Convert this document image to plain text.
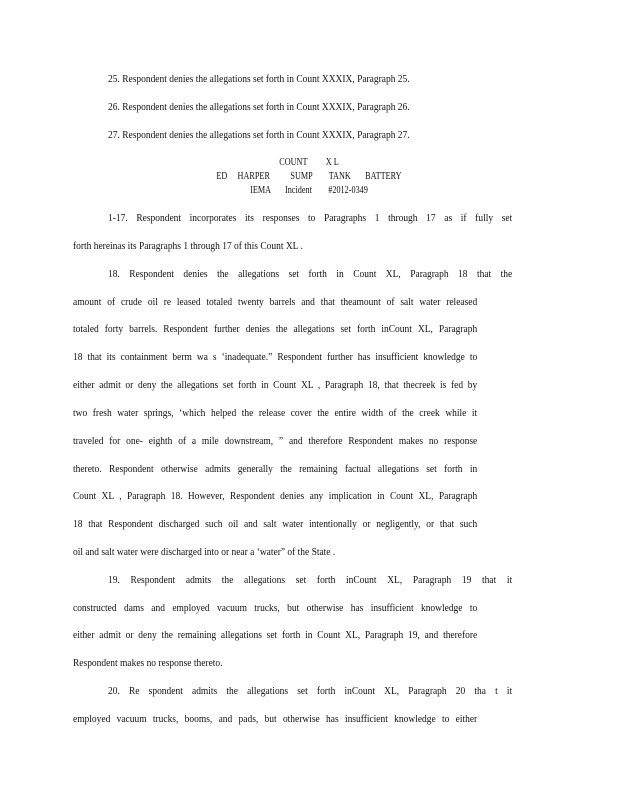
25. Respondent denies the allegations set forth in Count XXXIX, Paragraph 25.
26. Respondent denies the allegations set forth in Count XXXIX, Paragraph 26.
27. Respondent denies the allegations set forth in Count XXXIX, Paragraph 27.
COUNT         X L
ED     HARPER          SUMP        TANK       BATTERY
IEMA       Incident        #2012-0349
1-17. Respondent incorporates its responses to Paragraphs 1 through 17 as if fully set
forth hereinas its Paragraphs 1 through 17 of this Count XL .
18. Respondent denies the allegations set forth in Count XL, Paragraph 18 that the
amount of crude oil re leased totaled twenty barrels and that theamount of salt water released
totaled forty barrels. Respondent further denies the allegations set forth inCount XL, Paragraph
18 that its containment berm wa s ‘inadequate.” Respondent further has insufficient knowledge to
either admit or deny the allegations set forth in Count XL , Paragraph 18, that thecreek is fed by
two fresh water springs, ‘which helped the release cover the entire width of the creek while it
traveled for one- eighth of a mile downstream, ” and therefore Respondent makes no response
thereto. Respondent otherwise admits generally the remaining factual allegations set forth in
Count XL , Paragraph 18. However, Respondent denies any implication in Count XL, Paragraph
18 that Respondent discharged such oil and salt water intentionally or negligently, or that such
oil and salt water were discharged into or near a ‘water” of the State .
19. Respondent admits the allegations set forth inCount XL, Paragraph 19 that it
constructed dams and employed vacuum trucks, but otherwise has insufficient knowledge to
either admit or deny the remaining allegations set forth in Count XL, Paragraph 19, and therefore
Respondent makes no response thereto.
20. Re spondent admits the allegations set forth inCount XL, Paragraph 20 tha t it
employed vacuum trucks, booms, and pads, but otherwise has insufficient knowledge to either
